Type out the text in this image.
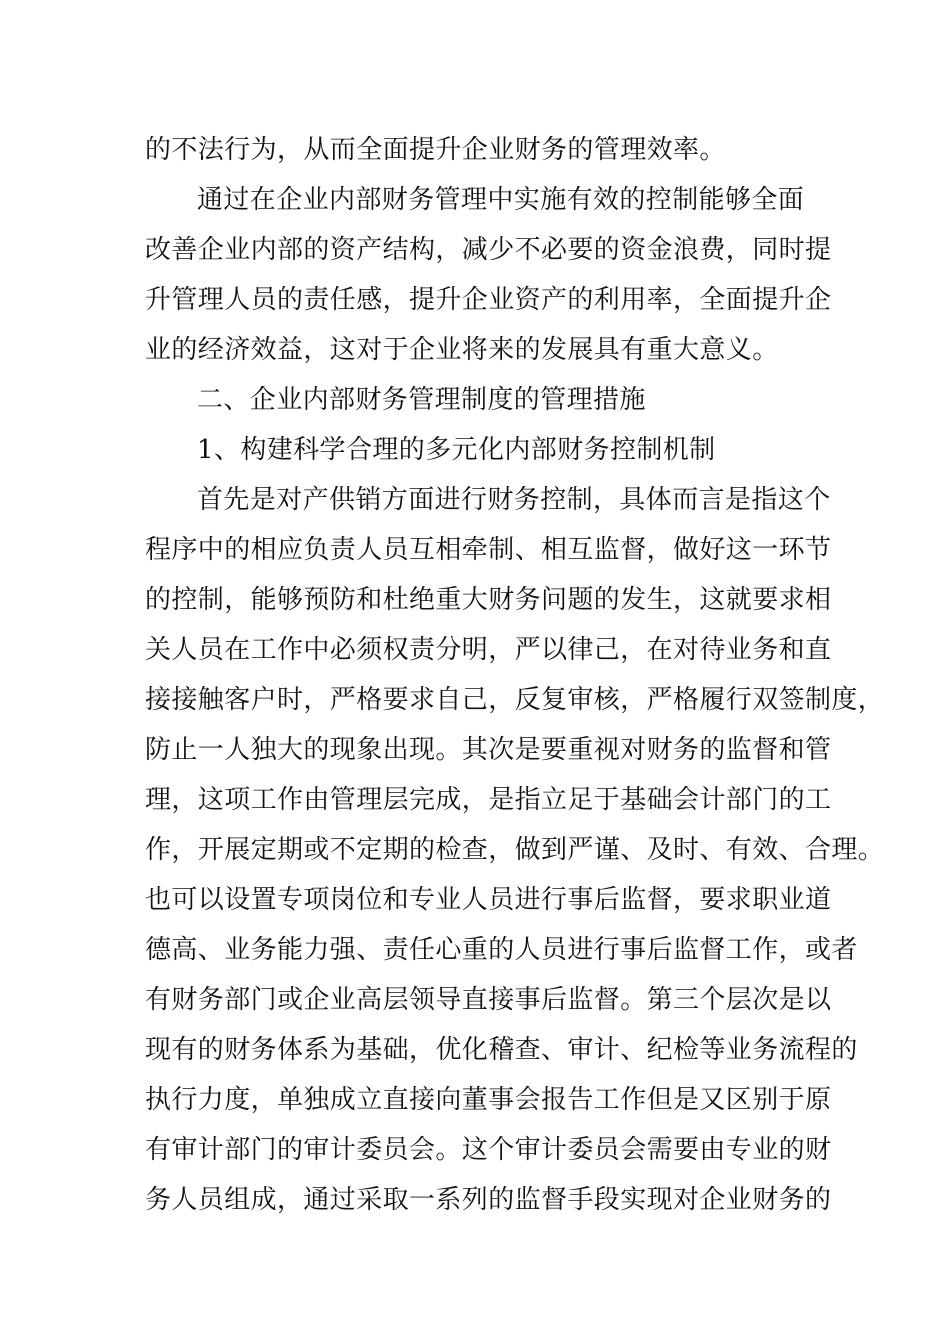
的不法行为，从而全面提升企业财务的管理效率。
通过在企业内部财务管理中实施有效的控制能够全面
改善企业内部的资产结构，减少不必要的资金浪费，同时提
升管理人员的责任感，提升企业资产的利用率，全面提升企
业的经济效益，这对于企业将来的发展具有重大意义。
二、企业内部财务管理制度的管理措施
1、构建科学合理的多元化内部财务控制机制
首先是对产供销方面进行财务控制，具体而言是指这个
程序中的相应负责人员互相牵制、相互监督，做好这一环节
的控制，能够预防和杜绝重大财务问题的发生，这就要求相
关人员在工作中必须权责分明，严以律己，在对待业务和直
接接触客户时，严格要求自己，反复审核，严格履行双签制度，
防止一人独大的现象出现。其次是要重视对财务的监督和管
理，这项工作由管理层完成，是指立足于基础会计部门的工
作，开展定期或不定期的检查，做到严谨、及时、有效、合理。
也可以设置专项岗位和专业人员进行事后监督，要求职业道
德高、业务能力强、责任心重的人员进行事后监督工作，或者
有财务部门或企业高层领导直接事后监督。第三个层次是以
现有的财务体系为基础，优化稽查、审计、纪检等业务流程的
执行力度，单独成立直接向董事会报告工作但是又区别于原
有审计部门的审计委员会。这个审计委员会需要由专业的财
务人员组成，通过采取一系列的监督手段实现对企业财务的
